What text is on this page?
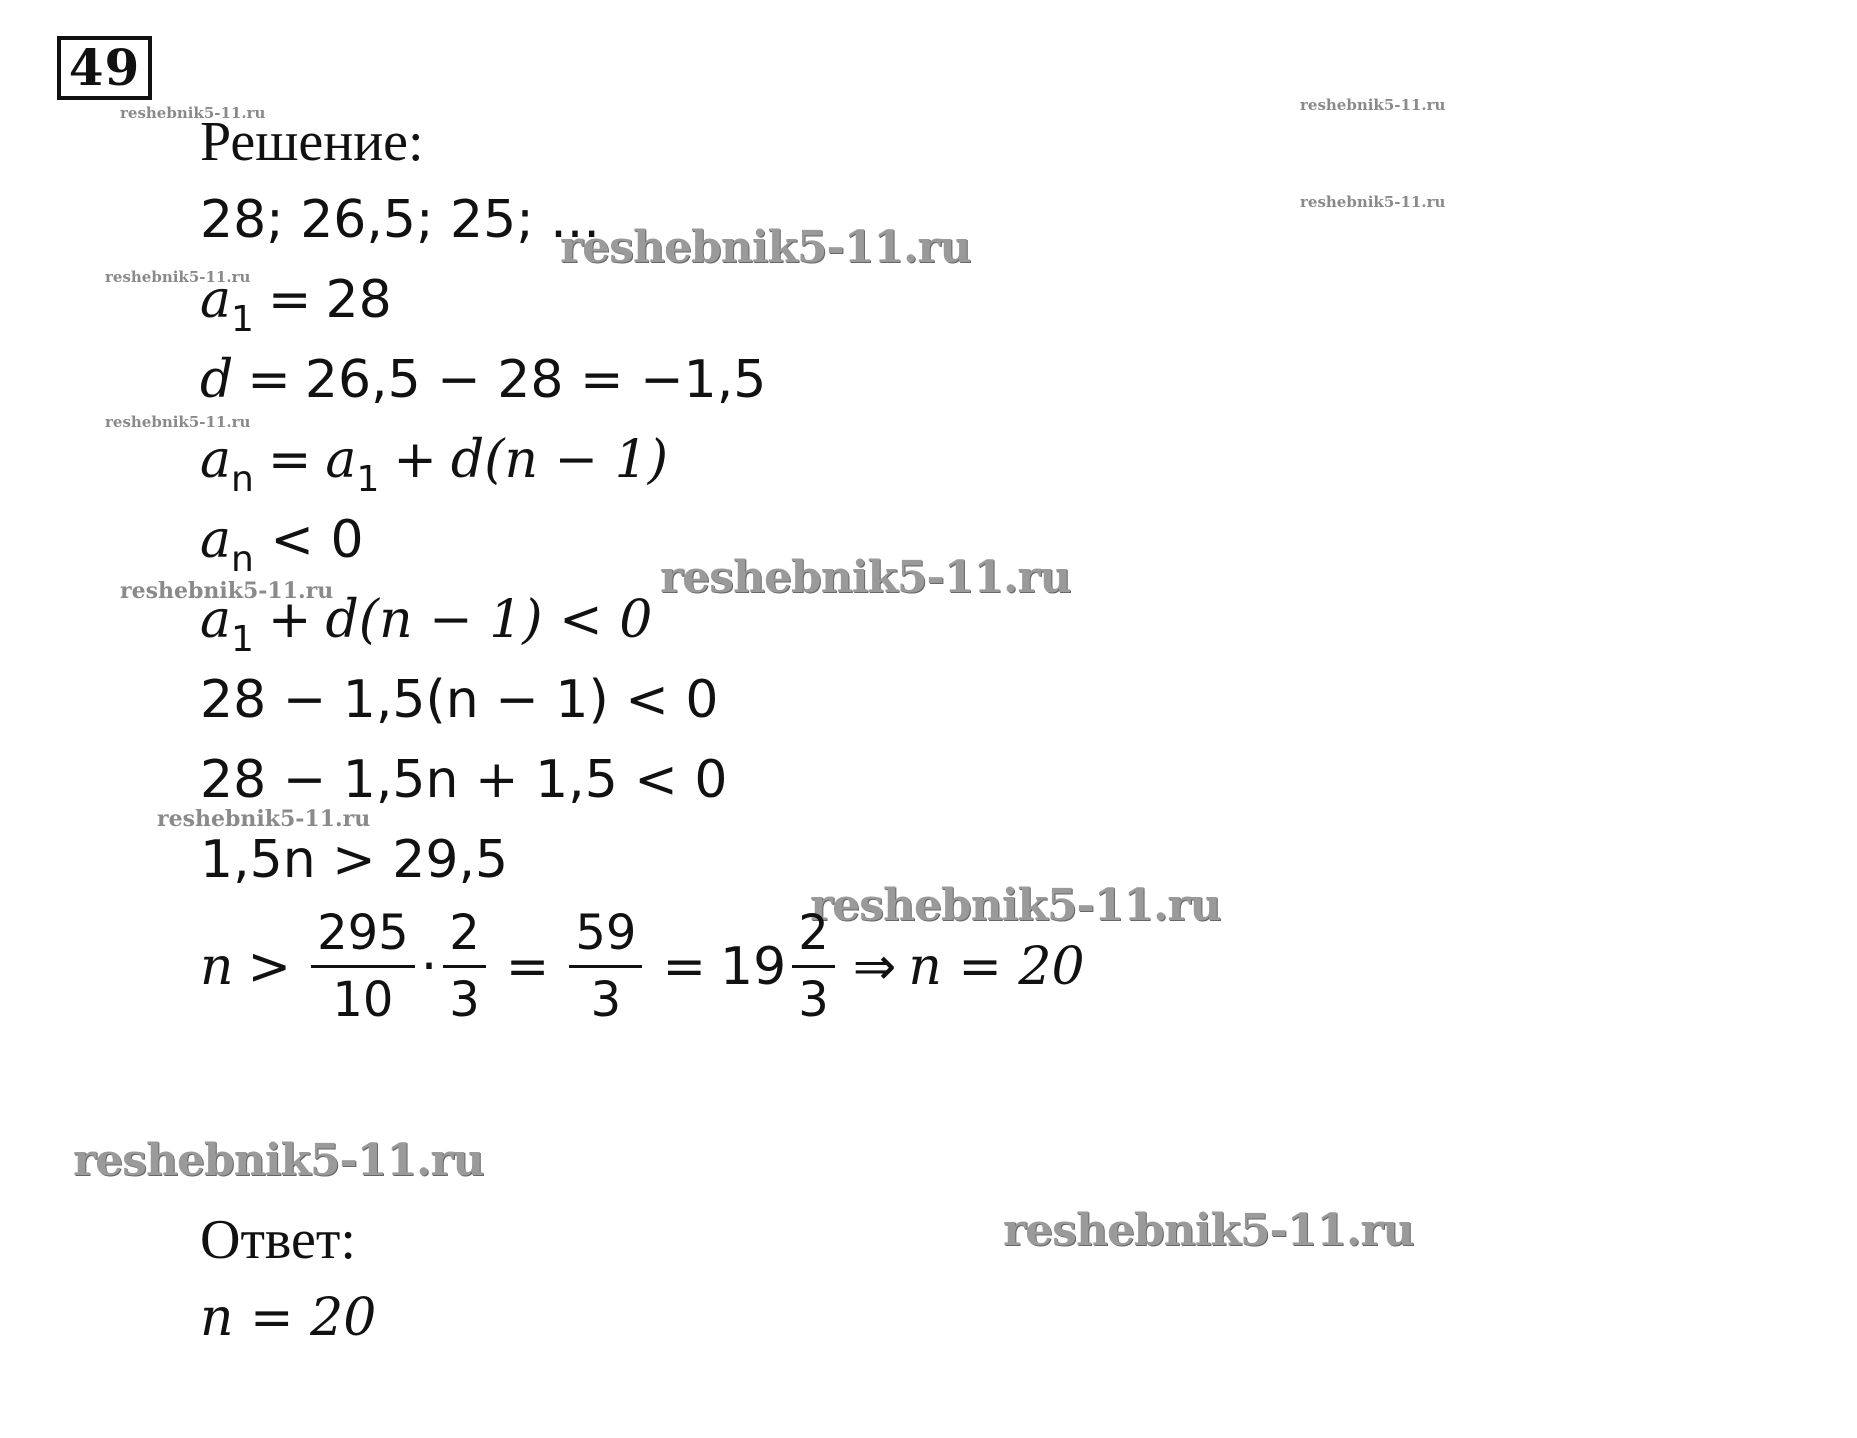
49
reshebnik5-11.ru	reshebnik5-11.ru
reshebnik5-11.ru
reshebnik5-11.ru
reshebnik5-11.ru
reshebnik5-11.ru
reshebnik5-11.ru
reshebnik5-11.ru
reshebnik5-11.ru
reshebnik5-11.ru
reshebnik5-11.ru
reshebnik5-11.ru
Решение:
28; 26,5; 25; ...
$a_1 = 28$
d = 26,5 − 28 = −1,5
$a_n = a_1 + d(n - 1)$
$a_n < 0$
$a_1 + d(n - 1) < 0$
28 − 1,5(n − 1) < 0
28 − 1,5n + 1,5 < 0
1,5n > 29,5
$n > \frac{295}{10} \cdot \frac{2}{3} = \frac{59}{3} = 19 \frac{2}{3}$ ⇒ n = 20
Ответ:
n = 20
